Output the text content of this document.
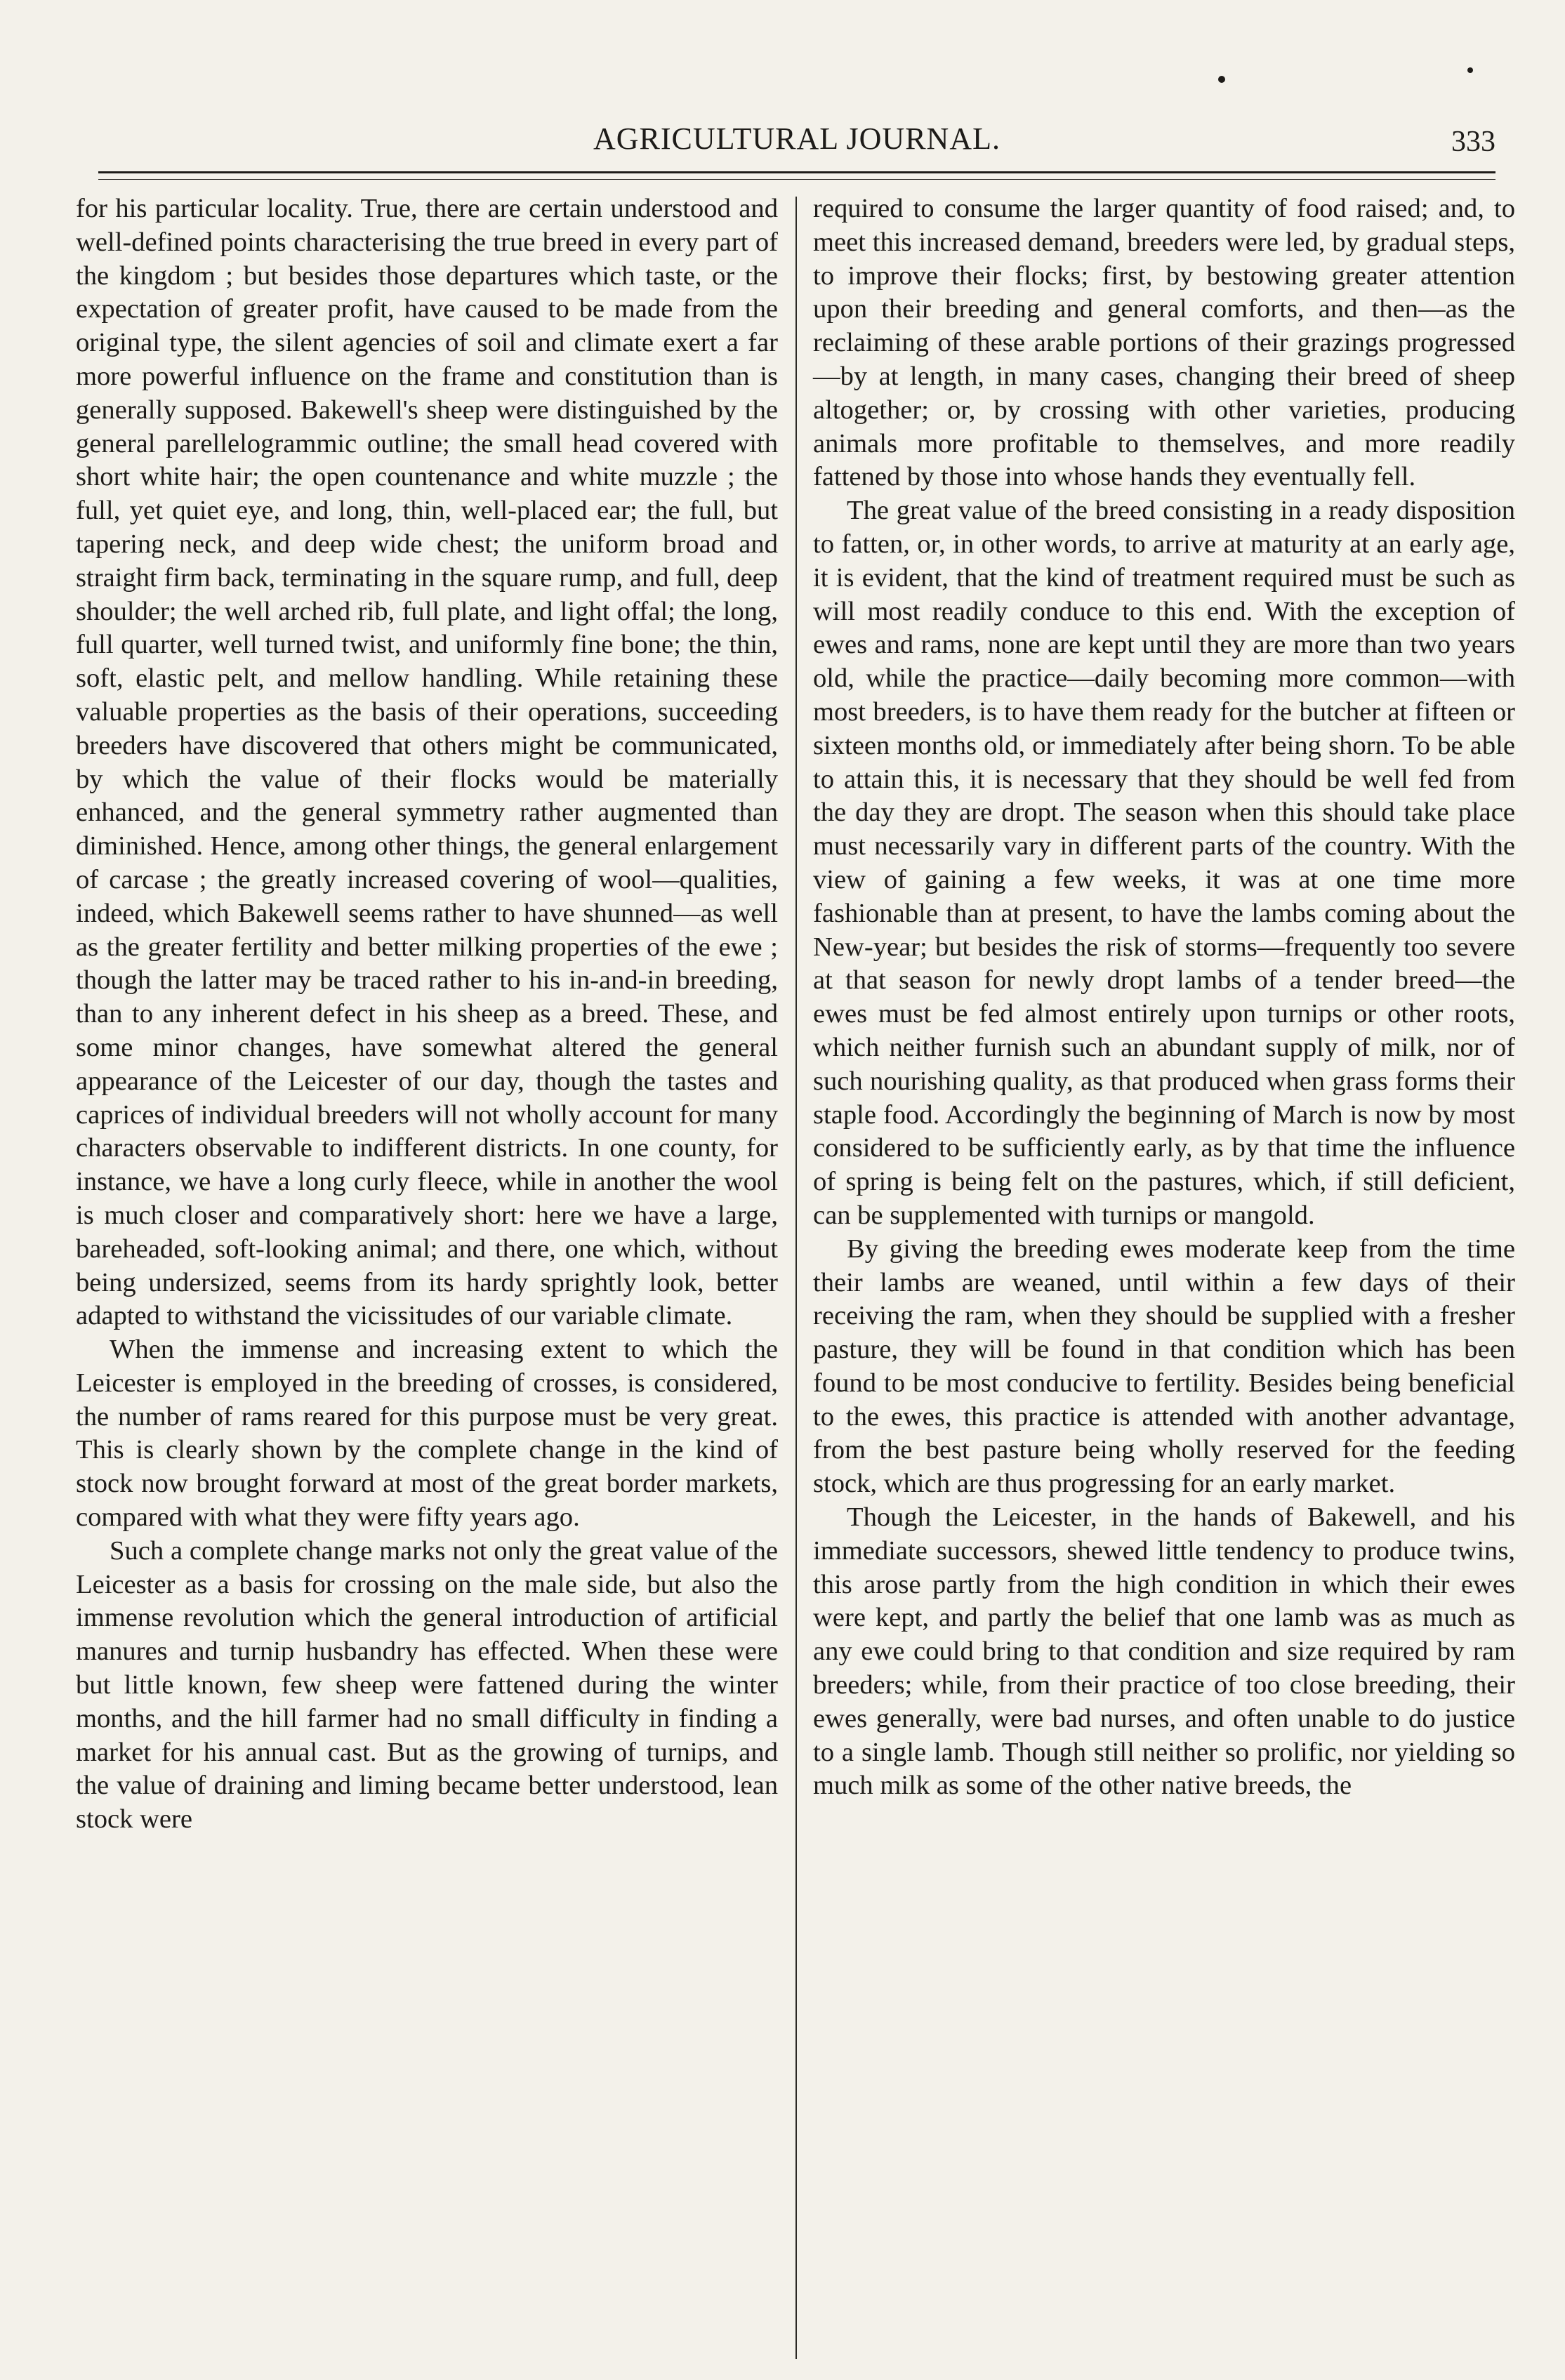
AGRICULTURAL JOURNAL.	333

for his particular locality. True, there are certain understood and well-defined points characterising the true breed in every part of the kingdom ; but besides those departures which taste, or the expectation of greater profit, have caused to be made from the original type, the silent agencies of soil and climate exert a far more powerful influence on the frame and constitution than is generally supposed. Bakewell's sheep were distinguished by the general parellelogrammic outline; the small head covered with short white hair; the open countenance and white muzzle ; the full, yet quiet eye, and long, thin, well-placed ear; the full, but tapering neck, and deep wide chest; the uniform broad and straight firm back, terminating in the square rump, and full, deep shoulder; the well arched rib, full plate, and light offal; the long, full quarter, well turned twist, and uniformly fine bone; the thin, soft, elastic pelt, and mellow handling. While retaining these valuable properties as the basis of their operations, succeeding breeders have discovered that others might be communicated, by which the value of their flocks would be materially enhanced, and the general symmetry rather augmented than diminished. Hence, among other things, the general enlargement of carcase ; the greatly increased covering of wool—qualities, indeed, which Bakewell seems rather to have shunned—as well as the greater fertility and better milking properties of the ewe ; though the latter may be traced rather to his in-and-in breeding, than to any inherent defect in his sheep as a breed. These, and some minor changes, have somewhat altered the general appearance of the Leicester of our day, though the tastes and caprices of individual breeders will not wholly account for many characters observable to indifferent districts. In one county, for instance, we have a long curly fleece, while in another the wool is much closer and comparatively short: here we have a large, bareheaded, soft-looking animal; and there, one which, without being undersized, seems from its hardy sprightly look, better adapted to withstand the vicissitudes of our variable climate.

When the immense and increasing extent to which the Leicester is employed in the breeding of crosses, is considered, the number of rams reared for this purpose must be very great. This is clearly shown by the complete change in the kind of stock now brought forward at most of the great border markets, compared with what they were fifty years ago.

Such a complete change marks not only the great value of the Leicester as a basis for crossing on the male side, but also the immense revolution which the general introduction of artificial manures and turnip husbandry has effected. When these were but little known, few sheep were fattened during the winter months, and the hill farmer had no small difficulty in finding a market for his annual cast. But as the growing of turnips, and the value of draining and liming became better understood, lean stock were

required to consume the larger quantity of food raised; and, to meet this increased demand, breeders were led, by gradual steps, to improve their flocks; first, by bestowing greater attention upon their breeding and general comforts, and then—as the reclaiming of these arable portions of their grazings progressed—by at length, in many cases, changing their breed of sheep altogether; or, by crossing with other varieties, producing animals more profitable to themselves, and more readily fattened by those into whose hands they eventually fell.

The great value of the breed consisting in a ready disposition to fatten, or, in other words, to arrive at maturity at an early age, it is evident, that the kind of treatment required must be such as will most readily conduce to this end. With the exception of ewes and rams, none are kept until they are more than two years old, while the practice—daily becoming more common—with most breeders, is to have them ready for the butcher at fifteen or sixteen months old, or immediately after being shorn. To be able to attain this, it is necessary that they should be well fed from the day they are dropt. The season when this should take place must necessarily vary in different parts of the country. With the view of gaining a few weeks, it was at one time more fashionable than at present, to have the lambs coming about the New-year; but besides the risk of storms—frequently too severe at that season for newly dropt lambs of a tender breed—the ewes must be fed almost entirely upon turnips or other roots, which neither furnish such an abundant supply of milk, nor of such nourishing quality, as that produced when grass forms their staple food. Accordingly the beginning of March is now by most considered to be sufficiently early, as by that time the influence of spring is being felt on the pastures, which, if still deficient, can be supplemented with turnips or mangold.

By giving the breeding ewes moderate keep from the time their lambs are weaned, until within a few days of their receiving the ram, when they should be supplied with a fresher pasture, they will be found in that condition which has been found to be most conducive to fertility. Besides being beneficial to the ewes, this practice is attended with another advantage, from the best pasture being wholly reserved for the feeding stock, which are thus progressing for an early market.

Though the Leicester, in the hands of Bakewell, and his immediate successors, shewed little tendency to produce twins, this arose partly from the high condition in which their ewes were kept, and partly the belief that one lamb was as much as any ewe could bring to that condition and size required by ram breeders; while, from their practice of too close breeding, their ewes generally, were bad nurses, and often unable to do justice to a single lamb. Though still neither so prolific, nor yielding so much milk as some of the other native breeds, the
